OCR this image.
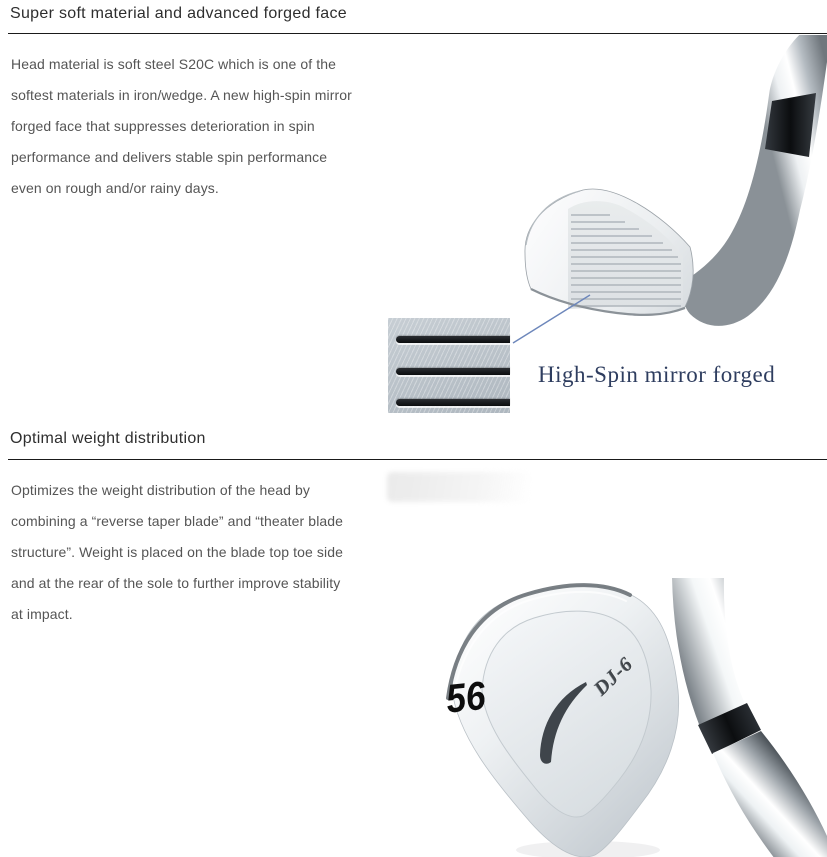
Super soft material and advanced forged face

Head material is soft steel S20C which is one of the softest materials in iron/wedge. A new high-spin mirror forged face that suppresses deterioration in spin performance and delivers stable spin performance even on rough and/or rainy days.

High-Spin mirror forged
Optimal weight distribution

Optimizes the weight distribution of the head by combining a “reverse taper blade” and “theater blade structure”. Weight is placed on the blade top toe side and at the rear of the sole to further improve stability at impact.

56	DJ-6
